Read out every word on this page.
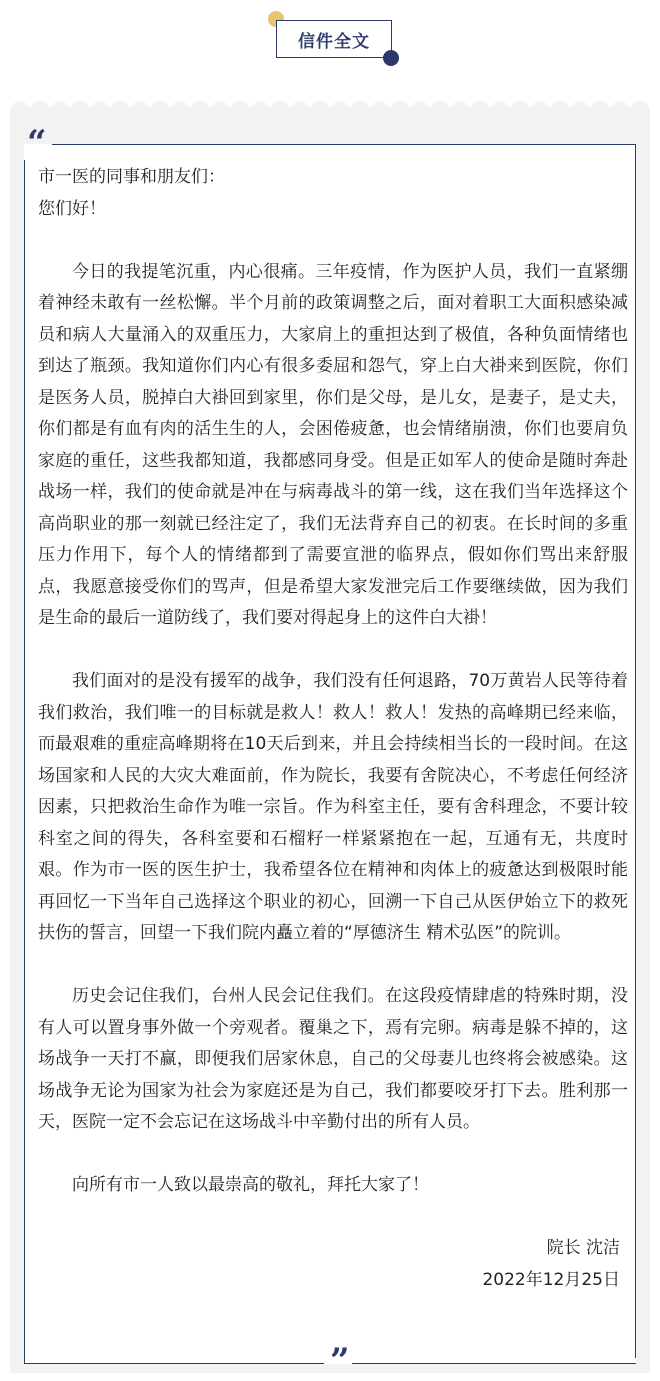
信件全文
“
”

市一医的同事和朋友们：

您们好！

今日的我提笔沉重，内心很痛。三年疫情，作为医护人员，我们一直紧绷着神经未敢有一丝松懈。半个月前的政策调整之后，面对着职工大面积感染减员和病人大量涌入的双重压力，大家肩上的重担达到了极值，各种负面情绪也到达了瓶颈。我知道你们内心有很多委屈和怨气，穿上白大褂来到医院，你们是医务人员，脱掉白大褂回到家里，你们是父母，是儿女，是妻子，是丈夫，你们都是有血有肉的活生生的人，会困倦疲惫，也会情绪崩溃，你们也要肩负家庭的重任，这些我都知道，我都感同身受。但是正如军人的使命是随时奔赴战场一样，我们的使命就是冲在与病毒战斗的第一线，这在我们当年选择这个高尚职业的那一刻就已经注定了，我们无法背弃自己的初衷。在长时间的多重压力作用下，每个人的情绪都到了需要宣泄的临界点，假如你们骂出来舒服点，我愿意接受你们的骂声，但是希望大家发泄完后工作要继续做，因为我们是生命的最后一道防线了，我们要对得起身上的这件白大褂！

我们面对的是没有援军的战争，我们没有任何退路，70万黄岩人民等待着我们救治，我们唯一的目标就是救人！救人！救人！发热的高峰期已经来临，而最艰难的重症高峰期将在10天后到来，并且会持续相当长的一段时间。在这场国家和人民的大灾大难面前，作为院长，我要有舍院决心，不考虑任何经济因素，只把救治生命作为唯一宗旨。作为科室主任，要有舍科理念，不要计较科室之间的得失，各科室要和石榴籽一样紧紧抱在一起，互通有无，共度时艰。作为市一医的医生护士，我希望各位在精神和肉体上的疲惫达到极限时能再回忆一下当年自己选择这个职业的初心，回溯一下自己从医伊始立下的救死扶伤的誓言，回望一下我们院内矗立着的“厚德济生 精术弘医”的院训。

历史会记住我们，台州人民会记住我们。在这段疫情肆虐的特殊时期，没有人可以置身事外做一个旁观者。覆巢之下，焉有完卵。病毒是躲不掉的，这场战争一天打不赢，即便我们居家休息，自己的父母妻儿也终将会被感染。这场战争无论为国家为社会为家庭还是为自己，我们都要咬牙打下去。胜利那一天，医院一定不会忘记在这场战斗中辛勤付出的所有人员。

向所有市一人致以最崇高的敬礼，拜托大家了！

院长 沈洁

2022年12月25日
